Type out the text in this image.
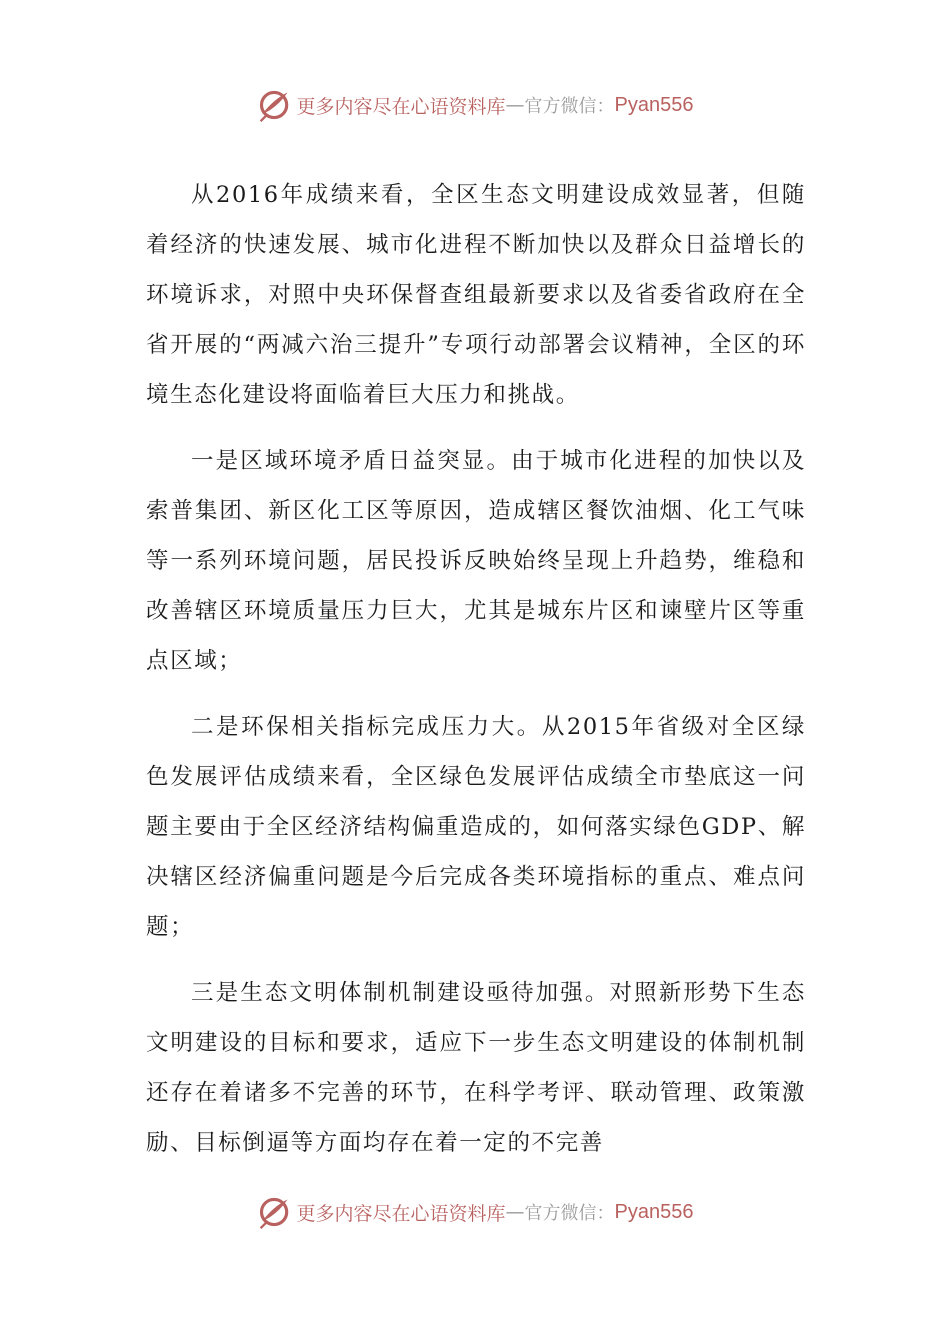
更多内容尽在心语资料库 — 官方微信： Pyan556

从2016年成绩来看，全区生态文明建设成效显著，但随着经济的快速发展、城市化进程不断加快以及群众日益增长的环境诉求，对照中央环保督查组最新要求以及省委省政府在全省开展的“两减六治三提升”专项行动部署会议精神，全区的环境生态化建设将面临着巨大压力和挑战。

一是区域环境矛盾日益突显。由于城市化进程的加快以及索普集团、新区化工区等原因，造成辖区餐饮油烟、化工气味等一系列环境问题，居民投诉反映始终呈现上升趋势，维稳和改善辖区环境质量压力巨大，尤其是城东片区和谏壁片区等重点区域；

二是环保相关指标完成压力大。从2015年省级对全区绿色发展评估成绩来看，全区绿色发展评估成绩全市垫底这一问题主要由于全区经济结构偏重造成的，如何落实绿色GDP、解决辖区经济偏重问题是今后完成各类环境指标的重点、难点问题；

三是生态文明体制机制建设亟待加强。对照新形势下生态文明建设的目标和要求，适应下一步生态文明建设的体制机制还存在着诸多不完善的环节，在科学考评、联动管理、政策激励、目标倒逼等方面均存在着一定的不完善

更多内容尽在心语资料库 — 官方微信： Pyan556
